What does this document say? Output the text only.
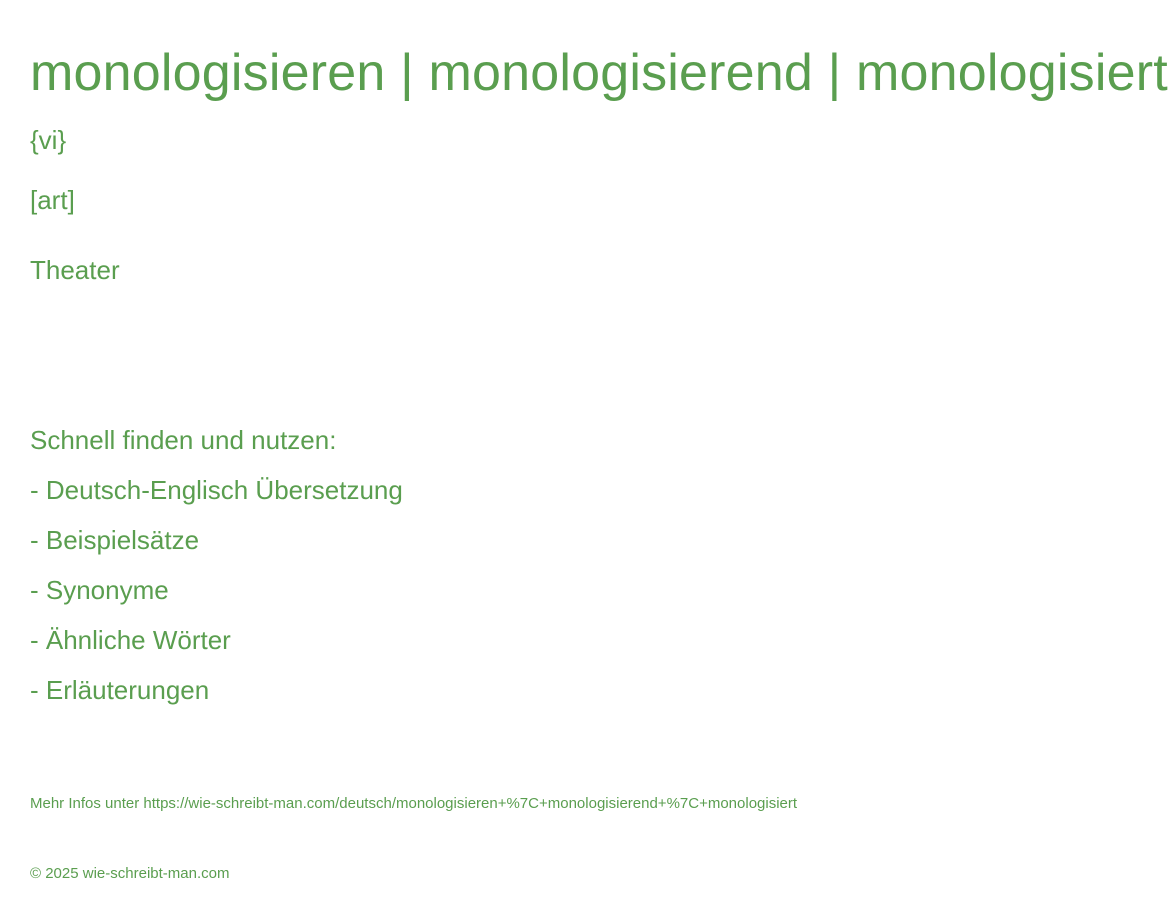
monologisieren | monologisierend | monologisiert
{vi}
[art]
Theater
Schnell finden und nutzen:
- Deutsch-Englisch Übersetzung
- Beispielsätze
- Synonyme
- Ähnliche Wörter
- Erläuterungen
Mehr Infos unter https://wie-schreibt-man.com/deutsch/monologisieren+%7C+monologisierend+%7C+monologisiert
© 2025 wie-schreibt-man.com
